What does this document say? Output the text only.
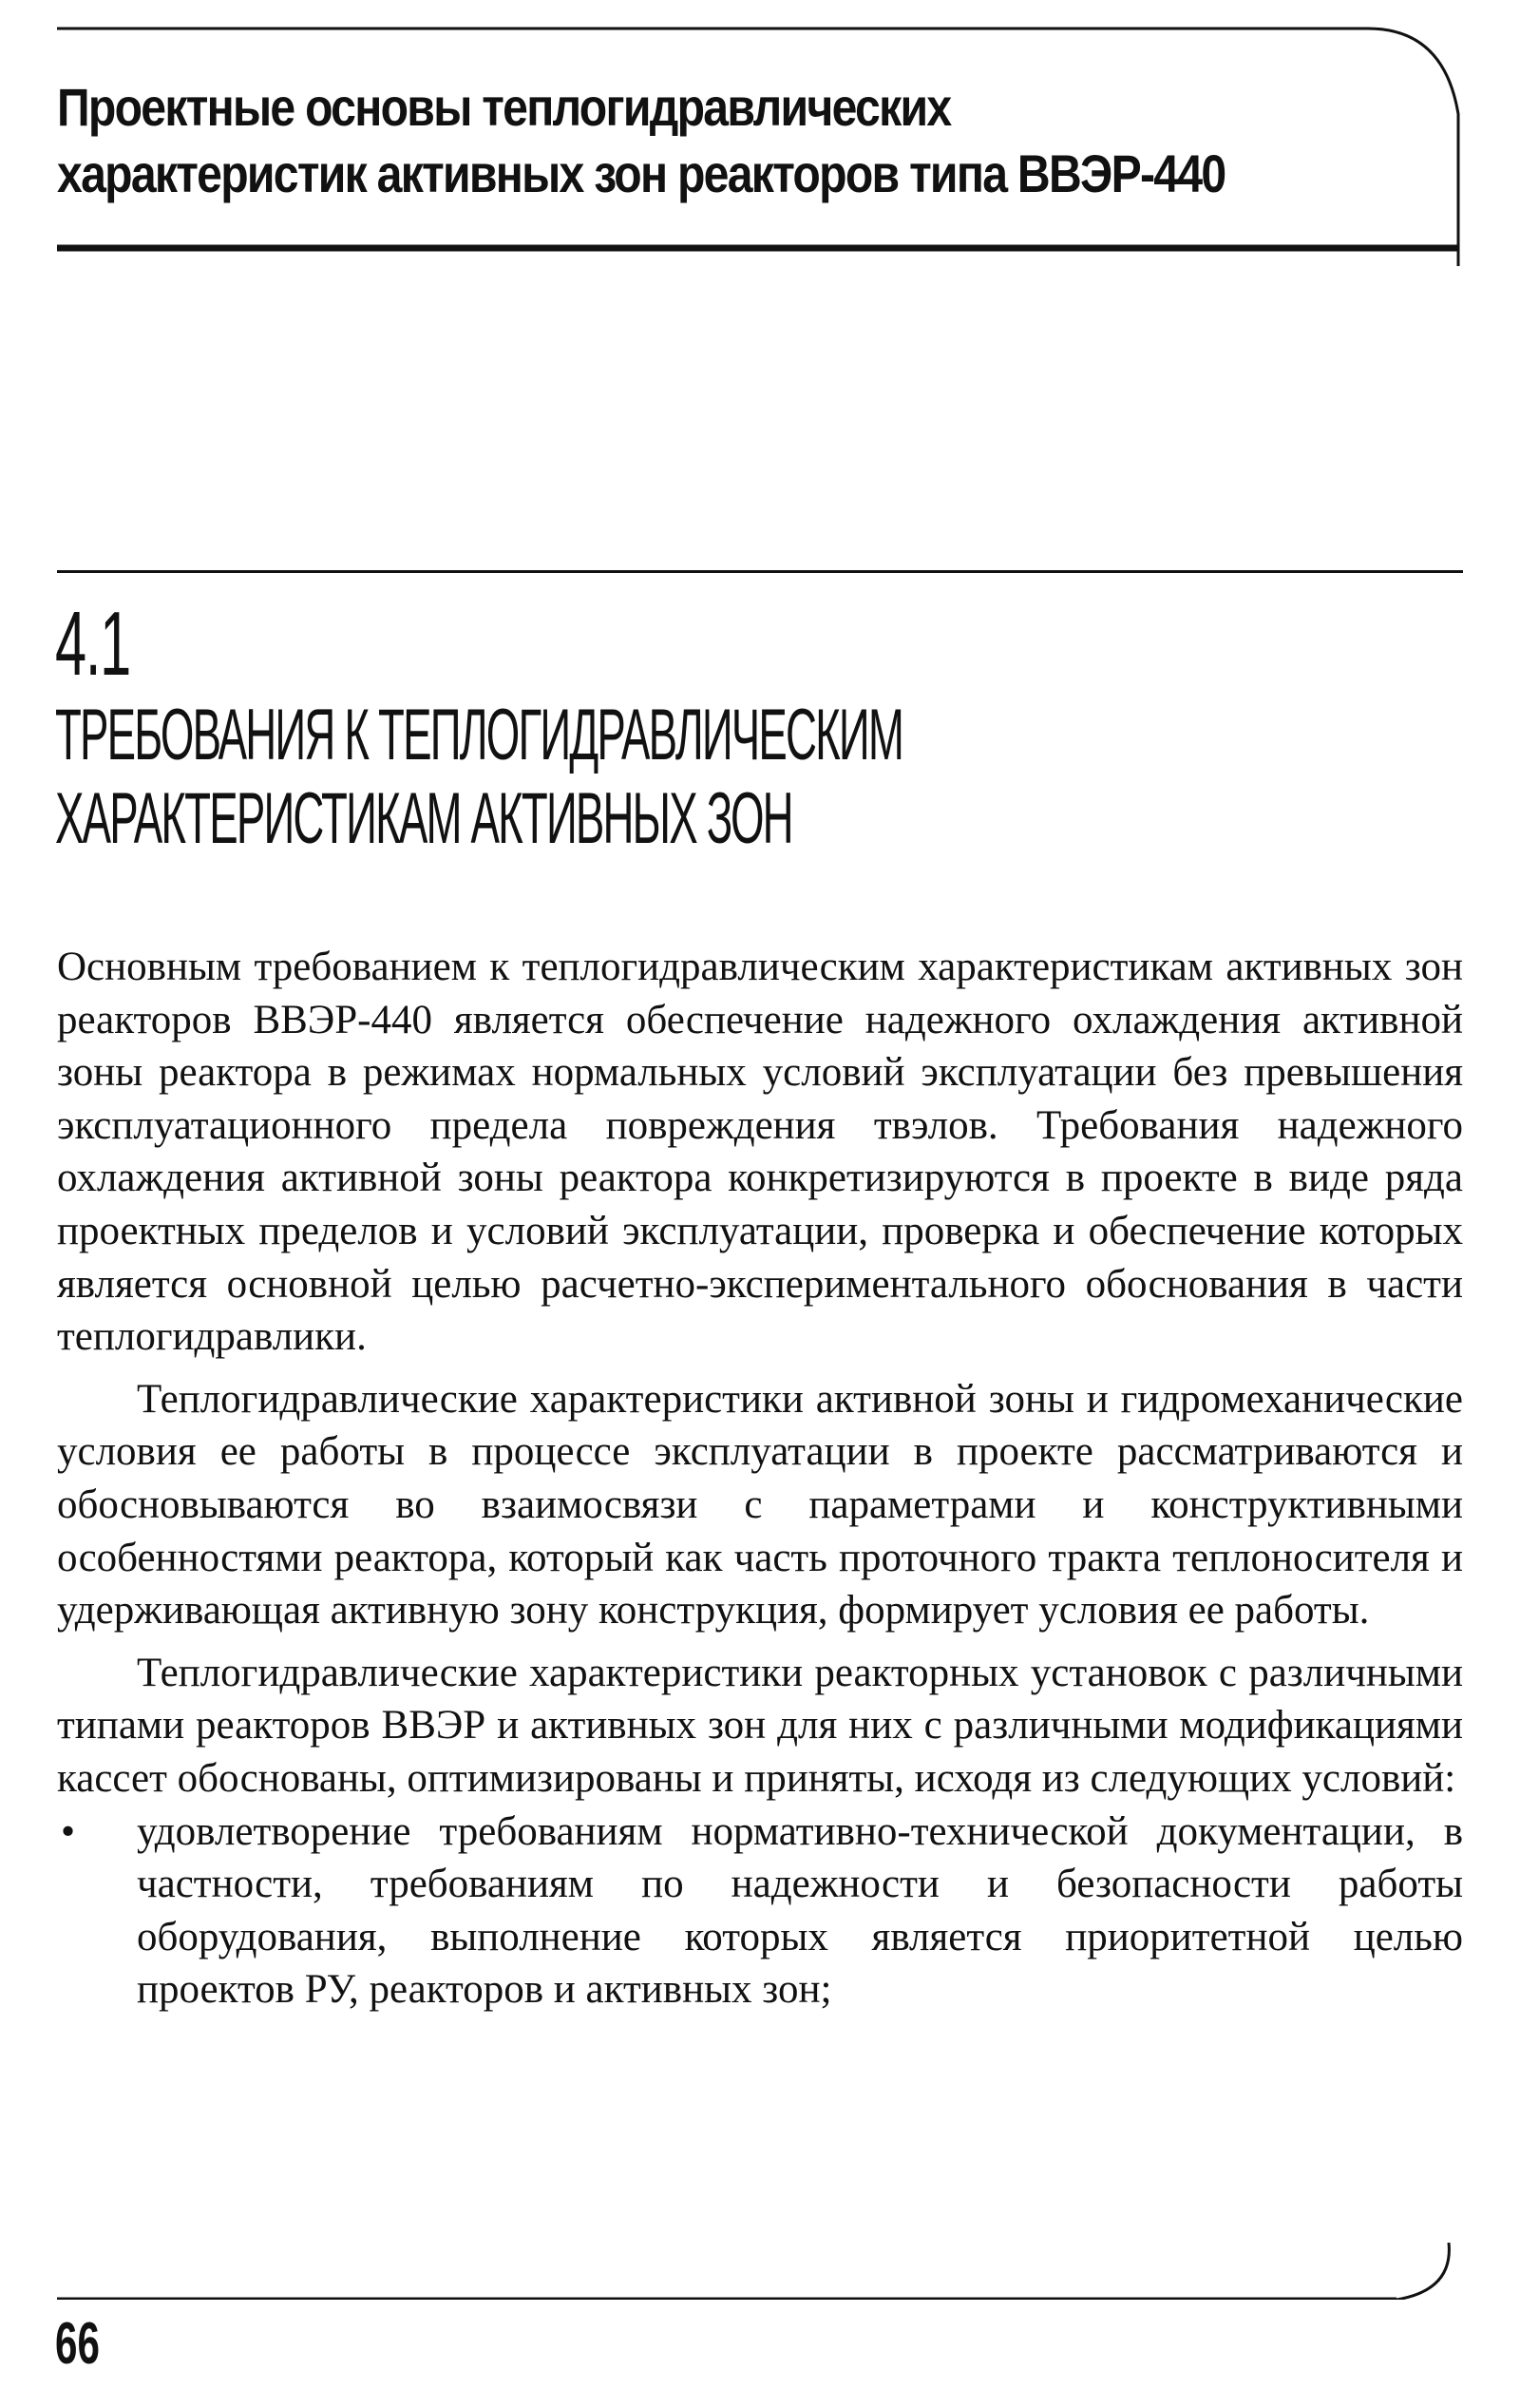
Проектные основы теплогидравлических
характеристик активных зон реакторов типа ВВЭР-440
4.1
ТРЕБОВАНИЯ К ТЕПЛОГИДРАВЛИЧЕСКИМ
ХАРАКТЕРИСТИКАМ АКТИВНЫХ ЗОН

Основным требованием к теплогидравлическим характеристикам активных зон реакторов ВВЭР-440 является обеспечение надежного охлаждения активной зоны реактора в режимах нормальных условий эксплуатации без превышения эксплуатационного предела повреждения твэлов. Требования надежного охлаждения активной зоны реактора конкретизируются в проекте в виде ряда проектных пределов и условий эксплуатации, проверка и обеспечение которых является основной целью расчетно-экспериментального обоснования в части теплогидравлики.

Теплогидравлические характеристики активной зоны и гидромеханические условия ее работы в процессе эксплуатации в проекте рассматриваются и обосновываются во взаимосвязи с параметрами и конструктивными особенностями реактора, который как часть проточного тракта теплоносителя и удерживающая активную зону конструкция, формирует условия ее работы.

Теплогидравлические характеристики реакторных установок с различными типами реакторов ВВЭР и активных зон для них с различными модификациями кассет обоснованы, оптимизированы и приняты, исходя из следующих условий:

• удовлетворение требованиям нормативно-технической документации, в частности, требованиям по надежности и безопасности работы оборудования, выполнение которых является приоритетной целью проектов РУ, реакторов и активных зон;
66
